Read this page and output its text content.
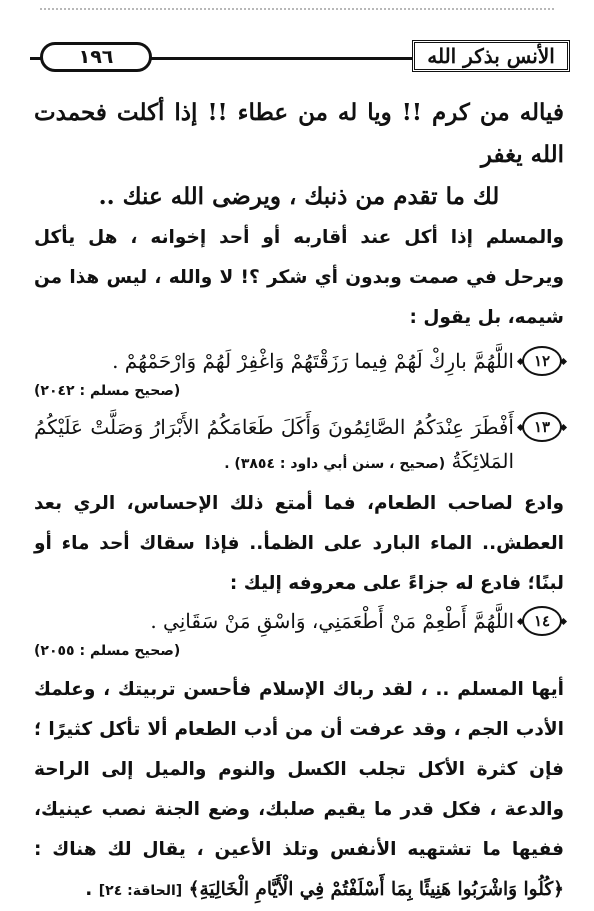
الأنس بذكر الله
١٩٦

فياله من كرم !! ويا له من عطاء !! إذا أكلت فحمدت الله يغفر

لك ما تقدم من ذنبك ، ويرضى الله عنك ..

والمسلم إذا أكل عند أقاربه أو أحد إخوانه ، هل يأكل ويرحل في صمت وبدون أي شكر ؟! لا والله ، ليس هذا من شيمه، بل يقول :

١٢

اللَّهُمَّ بارِكْ لَهُمْ فِيما رَزَقْتَهُمْ وَاغْفِرْ لَهُمْ وَارْحَمْهُمْ .

(صحيح مسلم : ٢٠٤٢)

١٣

أَفْطَرَ عِنْدَكُمُ الصَّائِمُونَ وَأَكَلَ طَعَامَكُمُ الأَبْرَارُ وَصَلَّتْ عَلَيْكُمُ المَلائِكَةُ (صحيح ، سنن أبي داود : ٣٨٥٤) .

وادع لصاحب الطعام، فما أمتع ذلك الإحساس، الري بعد العطش.. الماء البارد على الظمأ.. فإذا سقاك أحد ماء أو لبنًا؛ فادع له جزاءً على معروفه إليك :

١٤

اللَّهُمَّ أَطْعِمْ مَنْ أَطْعَمَنِي، وَاسْقِ مَنْ سَقَانِي .

(صحيح مسلم : ٢٠٥٥)

أيها المسلم .. ، لقد رباك الإسلام فأحسن تربيتك ، وعلمك الأدب الجم ، وقد عرفت أن من أدب الطعام ألا تأكل كثيرًا ؛ فإن كثرة الأكل تجلب الكسل والنوم والميل إلى الراحة والدعة ، فكل قدر ما يقيم صلبك، وضع الجنة نصب عينيك، ففيها ما تشتهيه الأنفس وتلذ الأعين ، يقال لك هناك : ﴿كُلُوا وَاشْرَبُوا هَنِيئًا بِمَا أَسْلَفْتُمْ فِي الْأَيَّامِ الْخَالِيَةِ﴾ [الحاقة: ٢٤] .
